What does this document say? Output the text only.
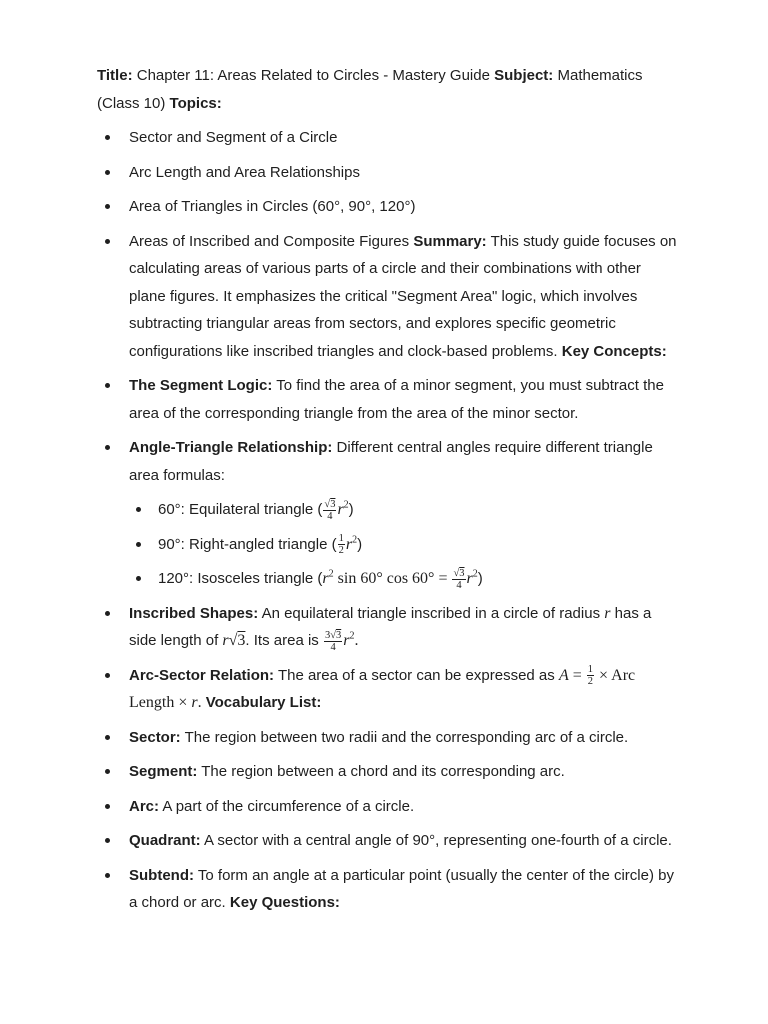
Title: Chapter 11: Areas Related to Circles - Mastery Guide Subject: Mathematics (Class 10) Topics:

Sector and Segment of a Circle
Arc Length and Area Relationships
Area of Triangles in Circles (60°, 90°, 120°)
Areas of Inscribed and Composite Figures Summary: This study guide focuses on calculating areas of various parts of a circle and their combinations with other plane figures. It emphasizes the critical "Segment Area" logic, which involves subtracting triangular areas from sectors, and explores specific geometric configurations like inscribed triangles and clock-based problems. Key Concepts:
The Segment Logic: To find the area of a minor segment, you must subtract the area of the corresponding triangle from the area of the minor sector.
Angle-Triangle Relationship: Different central angles require different triangle area formulas:
60°: Equilateral triangle ( $\frac{√3}{4} r^2$)
90°: Right-angled triangle ( $\frac{1}{2} r^2$)
120°: Isosceles triangle ($r^2$ sin 60° $\cos 60^\circ = \frac{√3}{4} r^2$)
Inscribed Shapes: An equilateral triangle inscribed in a circle of radius r has a side length of r√3. Its area is $\frac{3√3}{4} r^2$.
Arc-Sector Relation: The area of a sector can be expressed as $A = \frac{1}{2}$ × Arc Length × r. Vocabulary List:
Sector: The region between two radii and the corresponding arc of a circle.
Segment: The region between a chord and its corresponding arc.
Arc: A part of the circumference of a circle.
Quadrant: A sector with a central angle of 90°, representing one-fourth of a circle.
Subtend: To form an angle at a particular point (usually the center of the circle) by a chord or arc. Key Questions:
